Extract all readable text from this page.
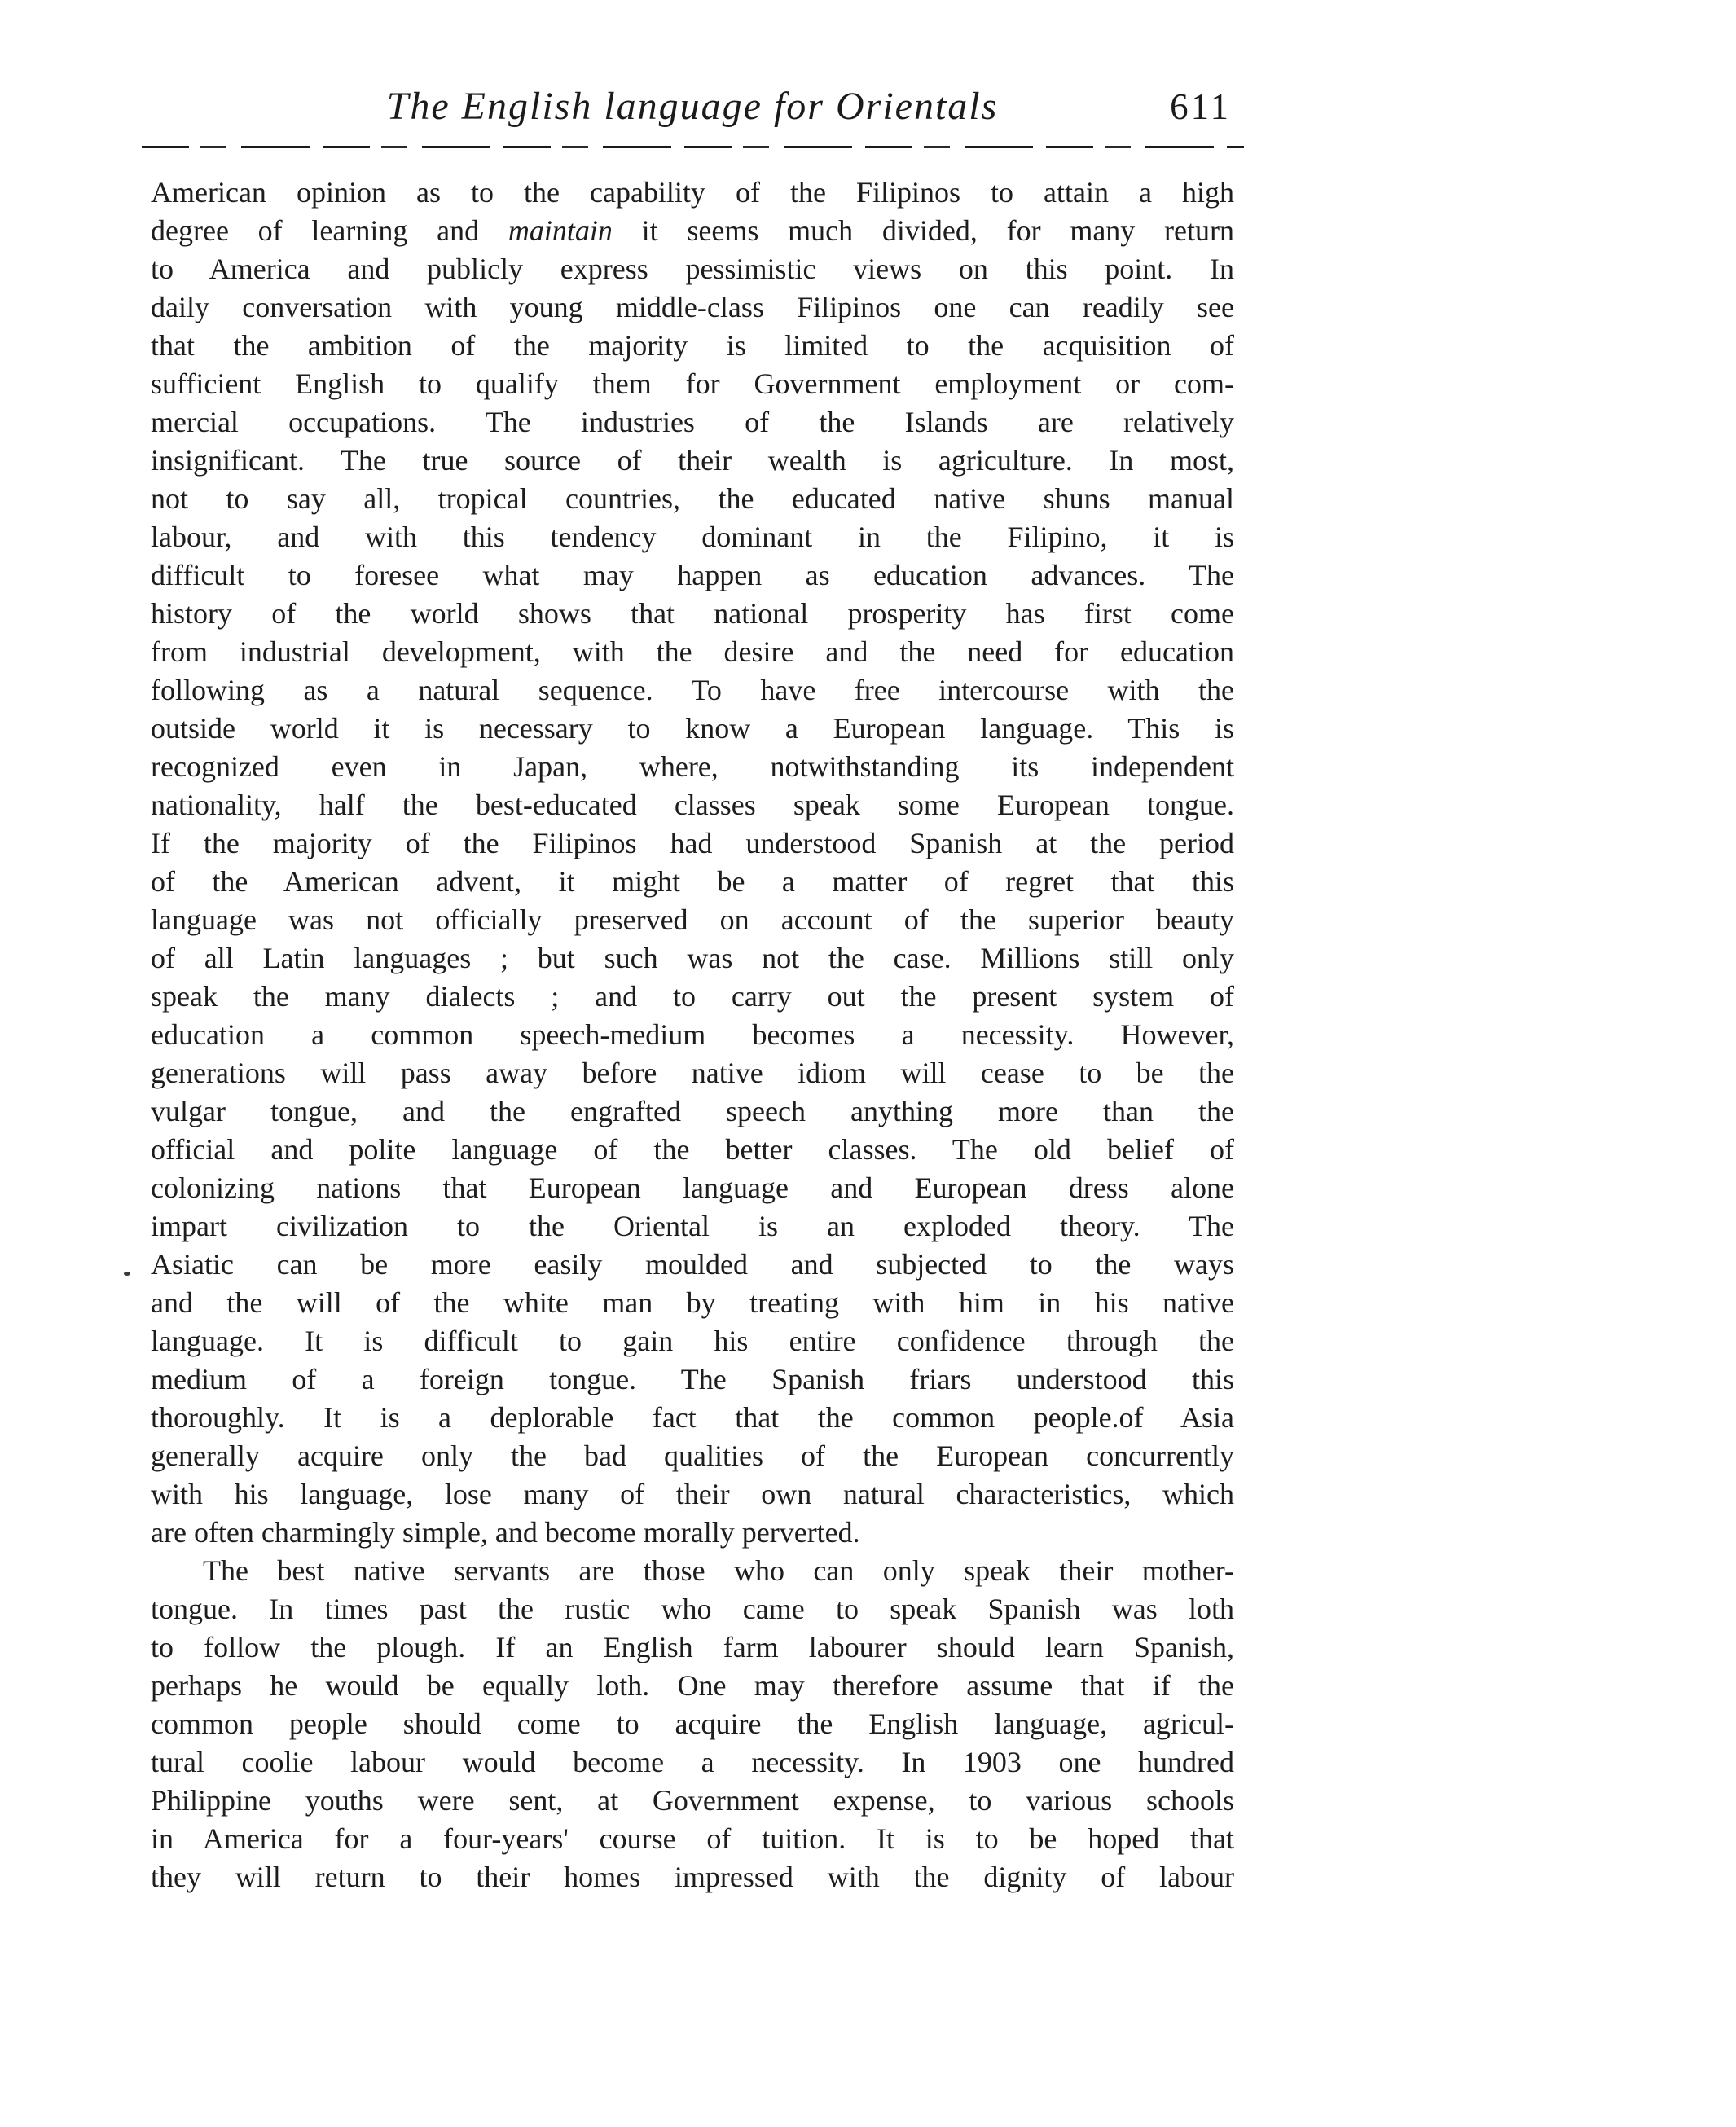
The English language for Orientals	611
American opinion as to the capability of the Filipinos to attain a high
degree of learning and maintain it seems much divided, for many return
to America and publicly express pessimistic views on this point. In
daily conversation with young middle-class Filipinos one can readily see
that the ambition of the majority is limited to the acquisition of
sufficient English to qualify them for Government employment or com-
mercial occupations. The industries of the Islands are relatively
insignificant. The true source of their wealth is agriculture. In most,
not to say all, tropical countries, the educated native shuns manual
labour, and with this tendency dominant in the Filipino, it is
difficult to foresee what may happen as education advances. The
history of the world shows that national prosperity has first come
from industrial development, with the desire and the need for education
following as a natural sequence. To have free intercourse with the
outside world it is necessary to know a European language. This is
recognized even in Japan, where, notwithstanding its independent
nationality, half the best-educated classes speak some European tongue.
If the majority of the Filipinos had understood Spanish at the period
of the American advent, it might be a matter of regret that this
language was not officially preserved on account of the superior beauty
of all Latin languages ; but such was not the case. Millions still only
speak the many dialects ; and to carry out the present system of
education a common speech-medium becomes a necessity. However,
generations will pass away before native idiom will cease to be the
vulgar tongue, and the engrafted speech anything more than the
official and polite language of the better classes. The old belief of
colonizing nations that European language and European dress alone
impart civilization to the Oriental is an exploded theory. The
Asiatic can be more easily moulded and subjected to the ways
and the will of the white man by treating with him in his native
language. It is difficult to gain his entire confidence through the
medium of a foreign tongue. The Spanish friars understood this
thoroughly. It is a deplorable fact that the common people.of Asia
generally acquire only the bad qualities of the European concurrently
with his language, lose many of their own natural characteristics, which
are often charmingly simple, and become morally perverted.
The best native servants are those who can only speak their mother-
tongue. In times past the rustic who came to speak Spanish was loth
to follow the plough. If an English farm labourer should learn Spanish,
perhaps he would be equally loth. One may therefore assume that if the
common people should come to acquire the English language, agricul-
tural coolie labour would become a necessity. In 1903 one hundred
Philippine youths were sent, at Government expense, to various schools
in America for a four-years' course of tuition. It is to be hoped that
they will return to their homes impressed with the dignity of labour
